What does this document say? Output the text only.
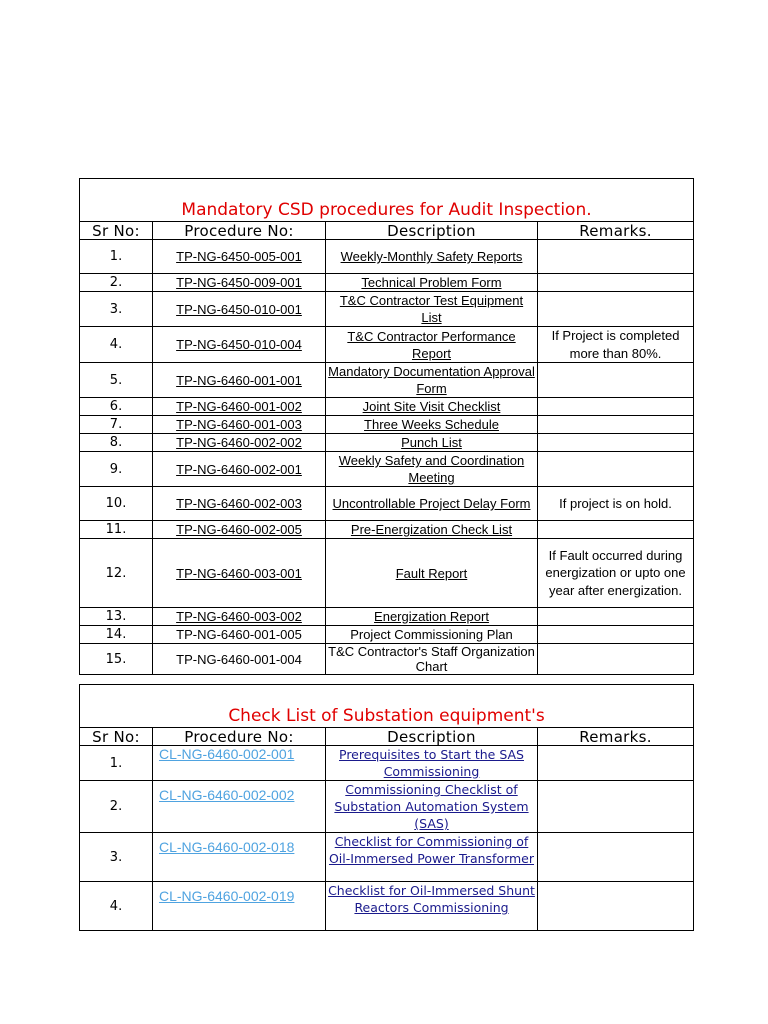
Mandatory CSD procedures for Audit Inspection.			
Sr No:	Procedure No:	Description	Remarks.
1.	TP-NG-6450-005-001	Weekly-Monthly Safety Reports	
2.	TP-NG-6450-009-001	Technical Problem Form	
3.	TP-NG-6450-010-001	T&C Contractor Test Equipment List	
4.	TP-NG-6450-010-004	T&C Contractor Performance Report	If Project is completed more than 80%.
5.	TP-NG-6460-001-001	Mandatory Documentation Approval Form	
6.	TP-NG-6460-001-002	Joint Site Visit Checklist	
7.	TP-NG-6460-001-003	Three Weeks Schedule	
8.	TP-NG-6460-002-002	Punch List	
9.	TP-NG-6460-002-001	Weekly Safety and Coordination Meeting	
10.	TP-NG-6460-002-003	Uncontrollable Project Delay Form	If project is on hold.
11.	TP-NG-6460-002-005	Pre-Energization Check List	
12.	TP-NG-6460-003-001	Fault Report	If Fault occurred during energization or upto one year after energization.
13.	TP-NG-6460-003-002	Energization Report	
14.	TP-NG-6460-001-005	Project Commissioning Plan	
15.	TP-NG-6460-001-004	T&C Contractor's Staff Organization Chart	
Check List of Substation equipment's			
Sr No:	Procedure No:	Description	Remarks.
1.	CL-NG-6460-002-001	Prerequisites to Start the SAS Commissioning	
2.	CL-NG-6460-002-002	Commissioning Checklist of Substation Automation System (SAS)	
3.	CL-NG-6460-002-018	Checklist for Commissioning of Oil-Immersed Power Transformer	
4.	CL-NG-6460-002-019	Checklist for Oil-Immersed Shunt Reactors Commissioning	
